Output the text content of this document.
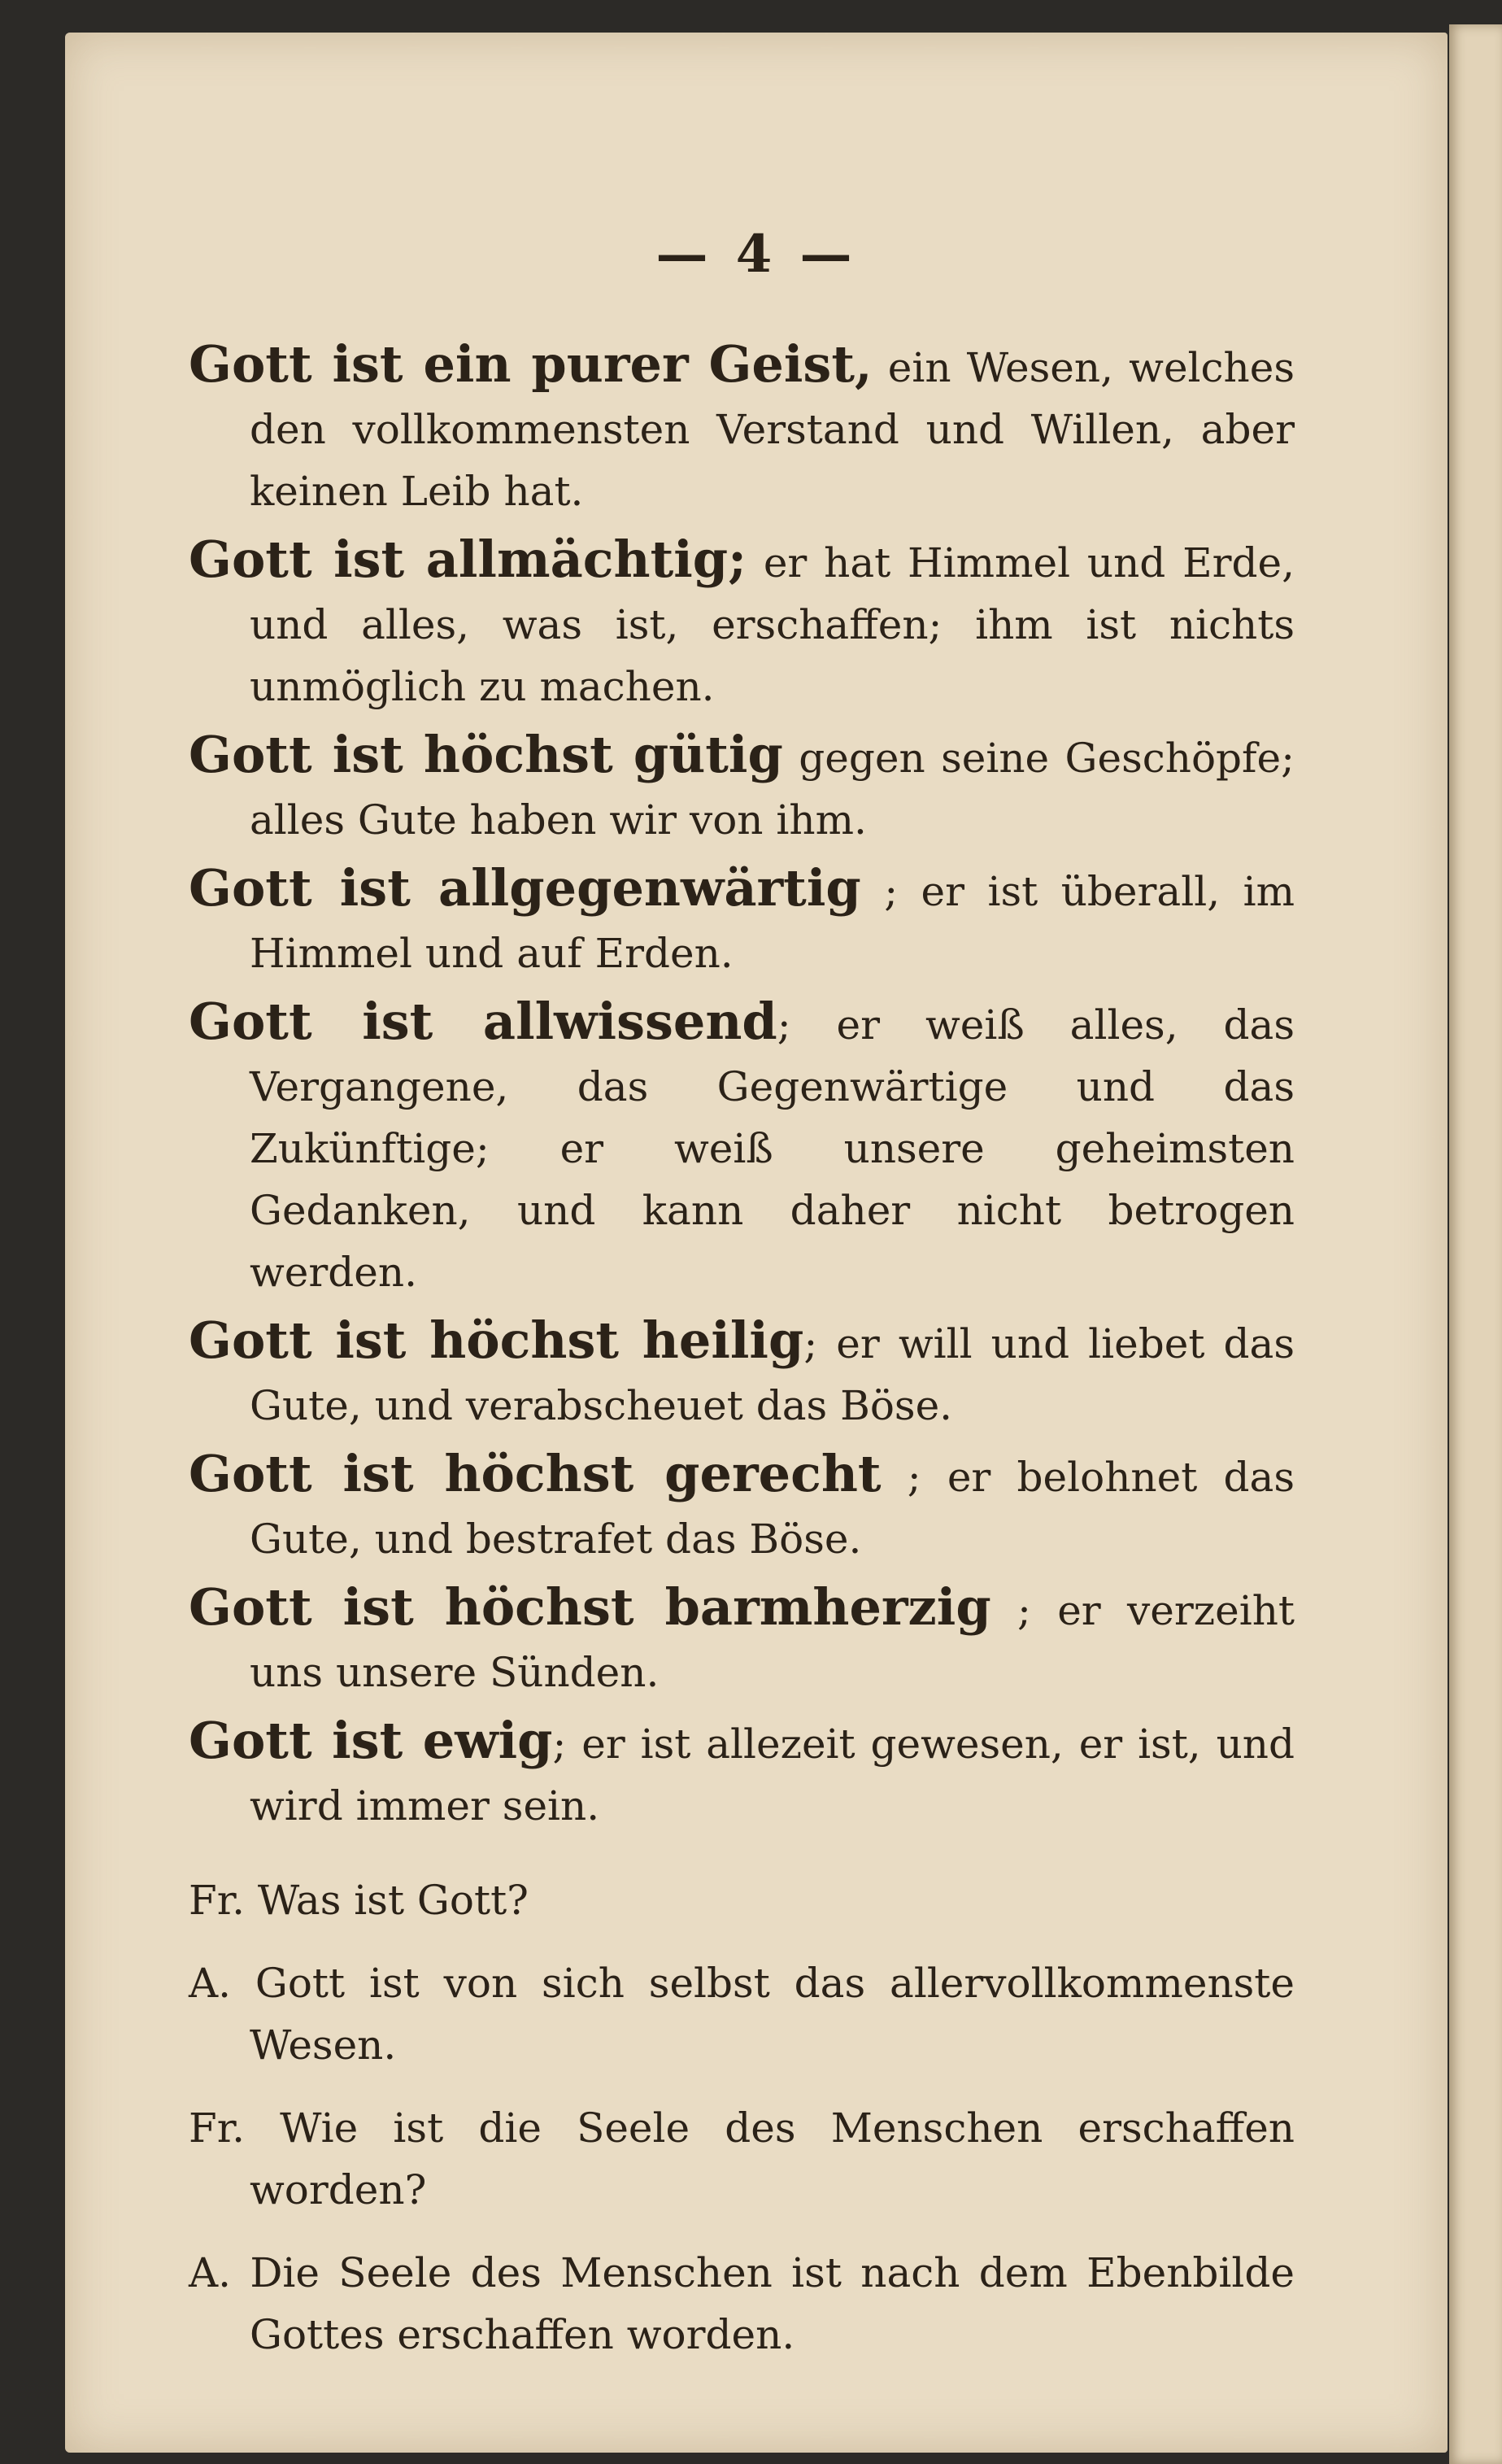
— 4 —

Gott ist ein purer Geist, ein Wesen, welches den vollkommensten Verstand und Willen, aber keinen Leib hat.

Gott ist allmächtig; er hat Himmel und Erde, und alles, was ist, erschaffen; ihm ist nichts unmöglich zu machen.

Gott ist höchst gütig gegen seine Geschöpfe; alles Gute haben wir von ihm.

Gott ist allgegenwärtig ; er ist überall, im Himmel und auf Erden.

Gott ist allwissend; er weiß alles, das Vergangene, das Gegenwärtige und das Zukünftige; er weiß unsere geheimsten Gedanken, und kann daher nicht betrogen werden.

Gott ist höchst heilig; er will und liebet das Gute, und verabscheuet das Böse.

Gott ist höchst gerecht ; er belohnet das Gute, und bestrafet das Böse.

Gott ist höchst barmherzig ; er verzeiht uns unsere Sünden.

Gott ist ewig; er ist allezeit gewesen, er ist, und wird immer sein.

Fr. Was ist Gott?

A. Gott ist von sich selbst das allervollkommenste Wesen.

Fr. Wie ist die Seele des Menschen erschaffen worden?

A. Die Seele des Menschen ist nach dem Ebenbilde Gottes erschaffen worden.
